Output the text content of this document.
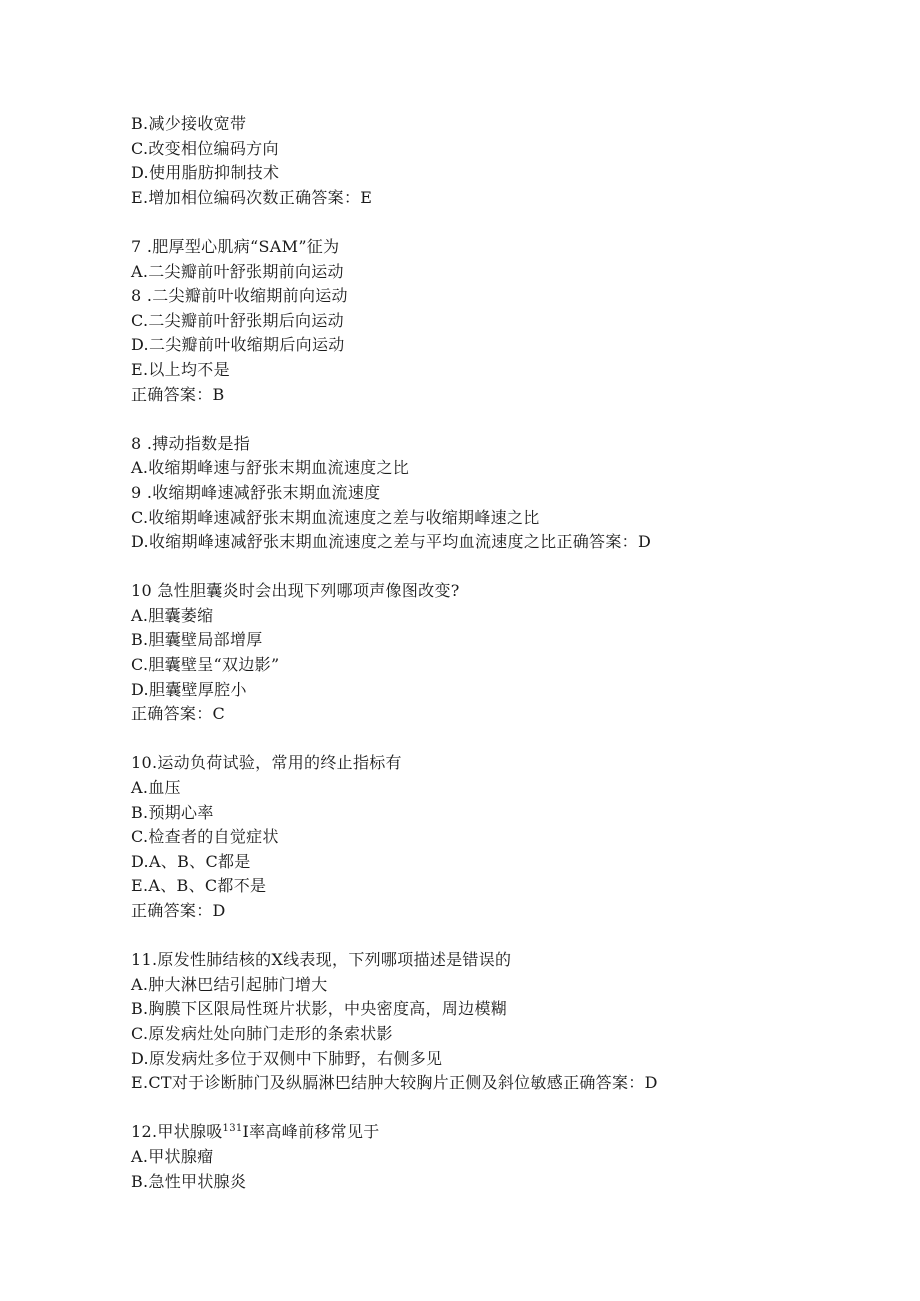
B.减少接收宽带
C.改变相位编码方向
D.使用脂肪抑制技术
E.增加相位编码次数正确答案：E
7 .肥厚型心肌病“SAM”征为
A.二尖瓣前叶舒张期前向运动
8 .二尖瓣前叶收缩期前向运动
C.二尖瓣前叶舒张期后向运动
D.二尖瓣前叶收缩期后向运动
E.以上均不是
正确答案：B
8 .搏动指数是指
A.收缩期峰速与舒张末期血流速度之比
9 .收缩期峰速减舒张末期血流速度
C.收缩期峰速减舒张末期血流速度之差与收缩期峰速之比
D.收缩期峰速减舒张末期血流速度之差与平均血流速度之比正确答案：D
10 急性胆囊炎时会出现下列哪项声像图改变?
A.胆囊萎缩
B.胆囊壁局部增厚
C.胆囊壁呈“双边影”
D.胆囊壁厚腔小
正确答案：C
10.运动负荷试验，常用的终止指标有
A.血压
B.预期心率
C.检查者的自觉症状
D.A、B、C都是
E.A、B、C都不是
正确答案：D
11.原发性肺结核的X线表现，下列哪项描述是错误的
A.肿大淋巴结引起肺门增大
B.胸膜下区限局性斑片状影，中央密度高，周边模糊
C.原发病灶处向肺门走形的条索状影
D.原发病灶多位于双侧中下肺野，右侧多见
E.CT对于诊断肺门及纵膈淋巴结肿大较胸片正侧及斜位敏感正确答案：D
12.甲状腺吸$^{131}$I率高峰前移常见于
A.甲状腺瘤
B.急性甲状腺炎
